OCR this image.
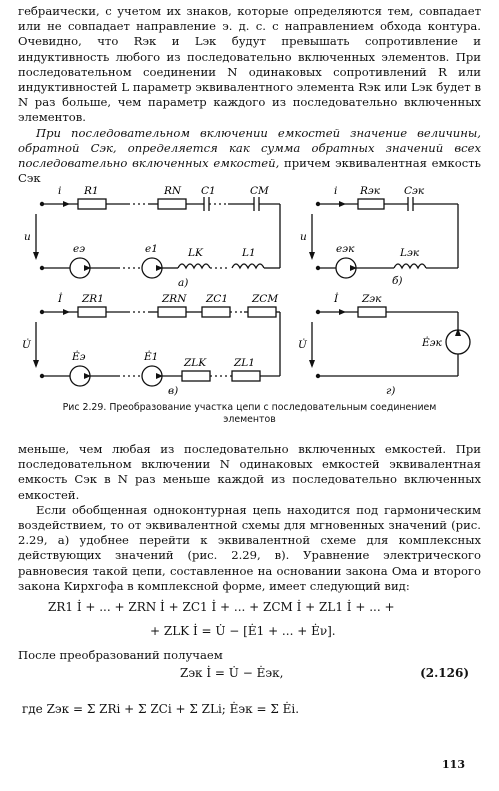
гебраически, с учетом их знаков, которые определяются тем, совпадает или не совпадает направление э. д. с. с направлением обхода контура. Очевидно, что Rэк и Lэк будут превышать сопротивление и индуктивность любого из последовательно включенных элементов. При последовательном соединении N одинаковых сопротивлений R или индуктивностей L параметр эквивалентного элемента Rэк или Lэк будет в N раз больше, чем параметр каждого из последовательно включенных элементов.

При последовательном включении емкостей значение величины, обратной Cэк, определяется как сумма обратных значений всех последовательно включенных емкостей, причем эквивалентная емкость Cэк

i
u
R1	RN C1	CM
eэ	e1	LK	L1
а)
i
u
Rэк Cэк
eэк	Lэк
б)
İ
U̇
ZR1	ZRN ZC1 ZCM
Ėэ	Ė1 ZLK	ZL1
в)
İ
U̇
Zэк
Ėэк
г)
Рис 2.29. Преобразование участка цепи с последовательным соединением
элементов

меньше, чем любая из последовательно включенных емкостей. При последовательном включении N одинаковых емкостей эквивалентная емкость Cэк в N раз меньше каждой из последовательно включенных емкостей.

Если обобщенная одноконтурная цепь находится под гармоническим воздействием, то от эквивалентной схемы для мгновенных значений (рис. 2.29, а) удобнее перейти к эквивалентной схеме для комплексных действующих значений (рис. 2.29, в). Уравнение электрического равновесия такой цепи, составленное на основании закона Ома и второго закона Кирхгофа в комплексной форме, имеет следующий вид:

ZR1 İ + ... + ZRN İ + ZC1 İ + ... + ZCM İ + ZL1 İ + ... +
+ ZLK İ = U̇ − [Ė1 + ... + Ėν].

После преобразований получаем

Zэк İ = U̇ − Ėэк,	(2.126)
где Zэк = Σ ZRi + Σ ZCi + Σ ZLi; Ėэк = Σ Ėi.
113
